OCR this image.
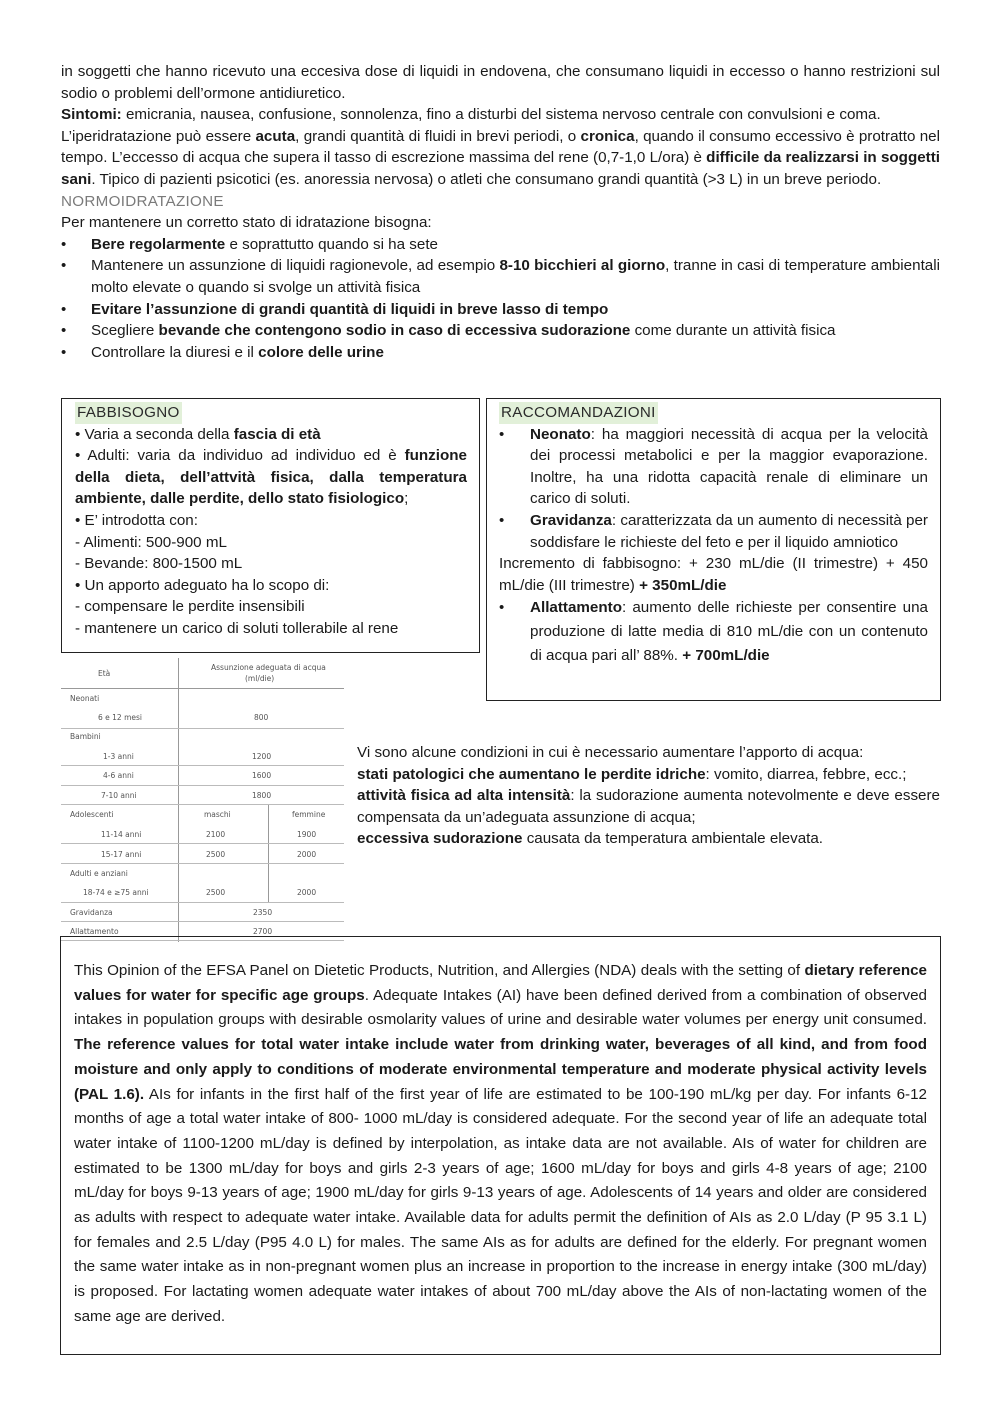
in soggetti che hanno ricevuto una eccesiva dose di liquidi in endovena, che consumano liquidi in eccesso o hanno restrizioni sul sodio o problemi dell’ormone antidiuretico.

Sintomi: emicrania, nausea, confusione, sonnolenza, fino a disturbi del sistema nervoso centrale con convulsioni e coma.

L’iperidratazione può essere acuta, grandi quantità di fluidi in brevi periodi, o cronica, quando il consumo eccessivo è protratto nel tempo. L’eccesso di acqua che supera il tasso di escrezione massima del rene (0,7-1,0 L/ora) è difficile da realizzarsi in soggetti sani. Tipico di pazienti psicotici (es. anoressia nervosa) o atleti che consumano grandi quantità (>3 L) in un breve periodo.

NORMOIDRATAZIONE

Per mantenere un corretto stato di idratazione bisogna:

• Bere regolarmente e soprattutto quando si ha sete
• Mantenere un assunzione di liquidi ragionevole, ad esempio 8-10 bicchieri al giorno, tranne in casi di temperature ambientali molto elevate o quando si svolge un attività fisica
• Evitare l’assunzione di grandi quantità di liquidi in breve lasso di tempo
• Scegliere bevande che contengono sodio in caso di eccessiva sudorazione come durante un attività fisica
• Controllare la diuresi e il colore delle urine

FABBISOGNO

• Varia a seconda della fascia di età

• Adulti: varia da individuo ad individuo ed è funzione della dieta, dell’attvità fisica, dalla temperatura ambiente, dalle perdite, dello stato fisiologico;

• E’ introdotta con:

- Alimenti: 500-900 mL

- Bevande: 800-1500 mL

• Un apporto adeguato ha lo scopo di:

- compensare le perdite insensibili

- mantenere un carico di soluti tollerabile al rene

RACCOMANDAZIONI

• Neonato: ha maggiori necessità di acqua per la velocità dei processi metabolici e per la maggior evaporazione. Inoltre, ha una ridotta capacità renale di eliminare un carico di soluti.
• Gravidanza: caratterizzata da un aumento di necessità per soddisfare le richieste del feto e per il liquido amniotico

Incremento di fabbisogno: + 230 mL/die (II trimestre) + 450 mL/die (III trimestre) + 350mL/die

• Allattamento: aumento delle richieste per consentire una produzione di latte media di 810 mL/die con un contenuto di acqua pari all’ 88%. + 700mL/die
Età
Assunzione adeguata di acqua
(ml/die)
Neonati
6 e 12 mesi	800
Bambini
1-3 anni	1200
4-6 anni	1600
7-10 anni	1800
Adolescenti	maschi	femmine
11-14 anni	2100	1900
15-17 anni	2500	2000
Adulti e anziani
18-74 e ≥75 anni	2500	2000
Gravidanza	2350
Allattamento	2700

Vi sono alcune condizioni in cui è necessario aumentare l’apporto di acqua:

stati patologici che aumentano le perdite idriche: vomito, diarrea, febbre, ecc.;

attività fisica ad alta intensità: la sudorazione aumenta notevolmente e deve essere compensata da un’adeguata assunzione di acqua;

eccessiva sudorazione causata da temperatura ambientale elevata.

This Opinion of the EFSA Panel on Dietetic Products, Nutrition, and Allergies (NDA) deals with the setting of dietary reference values for water for specific age groups. Adequate Intakes (AI) have been defined derived from a combination of observed intakes in population groups with desirable osmolarity values of urine and desirable water volumes per energy unit consumed. The reference values for total water intake include water from drinking water, beverages of all kind, and from food moisture and only apply to conditions of moderate environmental temperature and moderate physical activity levels (PAL 1.6). AIs for infants in the first half of the first year of life are estimated to be 100-190 mL/kg per day. For infants 6-12 months of age a total water intake of 800- 1000 mL/day is considered adequate. For the second year of life an adequate total water intake of 1100-1200 mL/day is defined by interpolation, as intake data are not available. AIs of water for children are estimated to be 1300 mL/day for boys and girls 2-3 years of age; 1600 mL/day for boys and girls 4-8 years of age; 2100 mL/day for boys 9-13 years of age; 1900 mL/day for girls 9-13 years of age. Adolescents of 14 years and older are considered as adults with respect to adequate water intake. Available data for adults permit the definition of AIs as 2.0 L/day (P 95 3.1 L) for females and 2.5 L/day (P95 4.0 L) for males. The same AIs as for adults are defined for the elderly. For pregnant women the same water intake as in non-pregnant women plus an increase in proportion to the increase in energy intake (300 mL/day) is proposed. For lactating women adequate water intakes of about 700 mL/day above the AIs of non-lactating women of the same age are derived.
